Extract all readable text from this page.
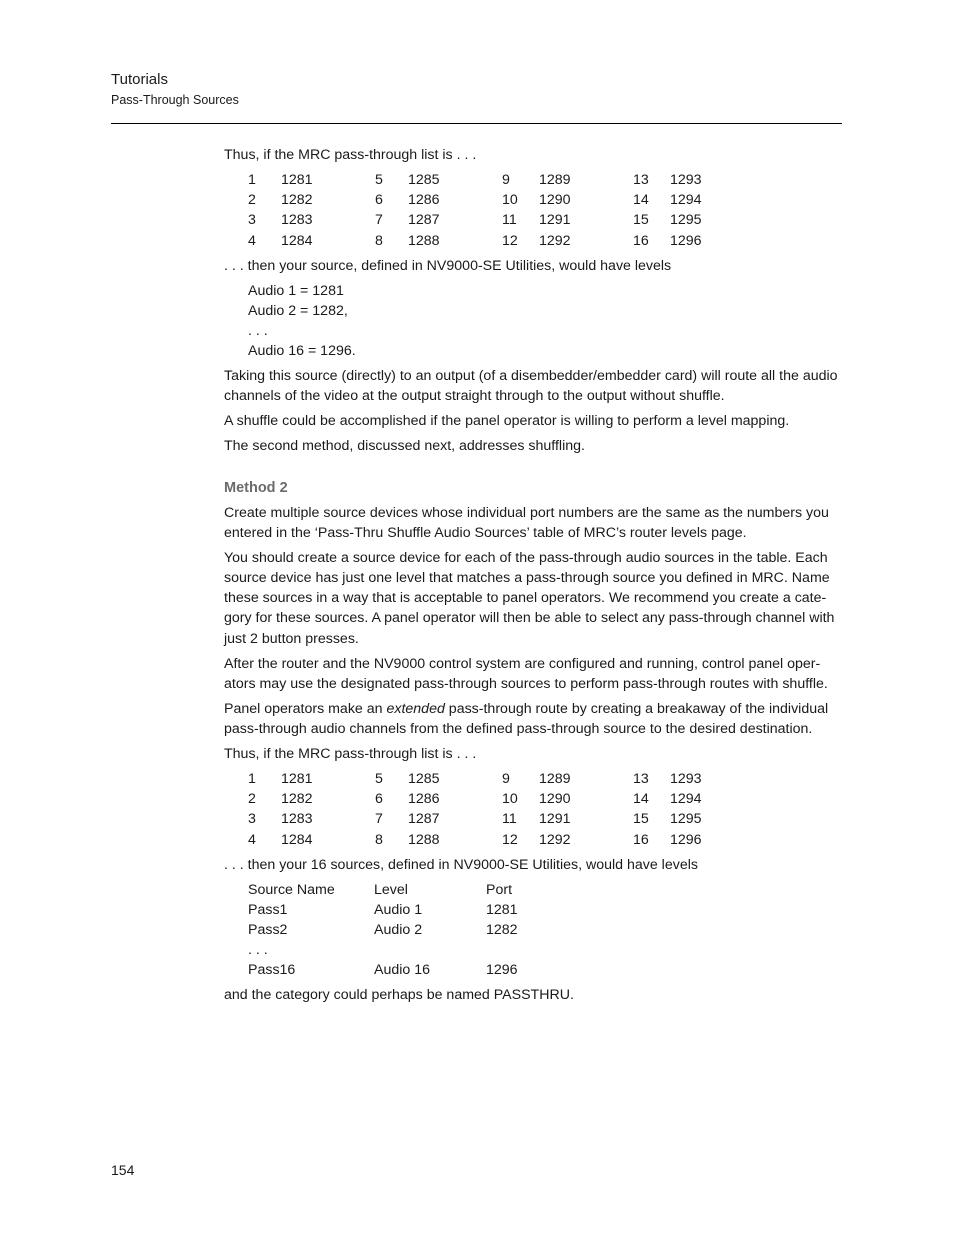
Tutorials
Pass-Through Sources

Thus, if the MRC pass-through list is . . .

1	1281	5	1285	9	1289	13	1293
2	1282	6	1286	10	1290	14	1294
3	1283	7	1287	11	1291	15	1295
4	1284	8	1288	12	1292	16	1296

. . . then your source, defined in NV9000-SE Utilities, would have levels

Audio 1 = 1281
Audio 2 = 1282,
. . .
Audio 16 = 1296.

Taking this source (directly) to an output (of a disembedder/embedder card) will route all the audio channels of the video at the output straight through to the output without shuffle.

A shuffle could be accomplished if the panel operator is willing to perform a level mapping.

The second method, discussed next, addresses shuffling.

Method 2

Create multiple source devices whose individual port numbers are the same as the numbers you entered in the ‘Pass-Thru Shuffle Audio Sources’ table of MRC’s router levels page.

You should create a source device for each of the pass-through audio sources in the table. Each source device has just one level that matches a pass-through source you defined in MRC. Name these sources in a way that is acceptable to panel operators. We recommend you create a cate-gory for these sources. A panel operator will then be able to select any pass-through channel with just 2 button presses.

After the router and the NV9000 control system are configured and running, control panel oper-ators may use the designated pass-through sources to perform pass-through routes with shuffle.

Panel operators make an extended pass-through route by creating a breakaway of the individual pass-through audio channels from the defined pass-through source to the desired destination.

Thus, if the MRC pass-through list is . . .

1	1281	5	1285	9	1289	13	1293
2	1282	6	1286	10	1290	14	1294
3	1283	7	1287	11	1291	15	1295
4	1284	8	1288	12	1292	16	1296

. . . then your 16 sources, defined in NV9000-SE Utilities, would have levels

Source Name	Level	Port
Pass1	Audio 1	1281
Pass2	Audio 2	1282
. . .		
Pass16	Audio 16	1296

and the category could perhaps be named PASSTHRU.

154
